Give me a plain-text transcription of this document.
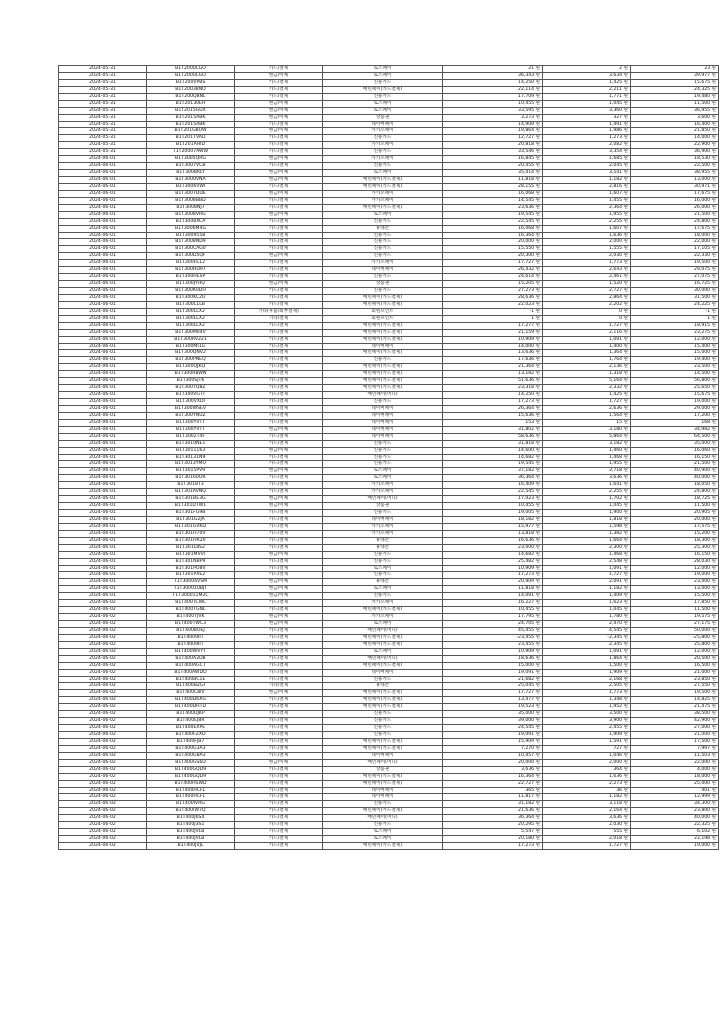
2024-05-31	B1T200ULGO	카드/결제	토스페이	21 원	2 원	23 원
2024-05-31	B1T200ULGO	현금/이체	토스페이	36,343 원	3,634 원	39,977 원
2024-05-31	B1T200VPBS	카드/결제	신용카드	14,250 원	1,425 원	15,675 원
2024-05-31	B1T20038NO	카드/결제	배민페이(카드결제)	22,114 원	2,211 원	24,325 원
2024-05-31	B1T200Q8NL	카드/결제	신용카드	17,709 원	1,771 원	19,480 원
2024-05-31	B1T20130EH	현금/이체	토스페이	10,455 원	1,045 원	11,500 원
2024-05-31	B1T2015GUX	현금/이체	토스페이	33,595 원	3,360 원	36,955 원
2024-05-31	B1T2015ABK	현금/이체	상품권	3,273 원	327 원	3,600 원
2024-05-31	B1T2015ABK	카드/결제	네이버페이	14,909 원	1,491 원	16,400 원
2024-05-31	B1T201G8UW	현금/이체	카카오페이	19,864 원	1,986 원	21,850 원
2024-05-31	B1T201TVAD	카드/결제	신용카드	12,727 원	1,273 원	14,000 원
2024-05-31	B1T201AHID	카드/결제	카카오페이	20,818 원	2,082 원	22,900 원
2024-05-31	T1T20007AWW	카드/결제	신용카드	33,546 원	3,354 원	36,900 원
2024-06-01	B1T3005QRG	현금/이체	카카오페이	16,845 원	1,685 원	18,530 원
2024-06-01	B1T3007VCB	카드/결제	신용카드	20,455 원	2,045 원	22,500 원
2024-06-01	B1T3008RLY	현금/이체	토스페이	35,414 원	3,541 원	38,955 원
2024-06-01	B1T3000VNA	현금/이체	배민페이(카드결제)	11,818 원	1,182 원	13,000 원
2024-06-01	B1T3006VWI	카드/결제	배민페이(카드결제)	28,155 원	2,816 원	30,971 원
2024-06-01	B1T3007DDE	현금/이체	카카오페이	16,068 원	1,607 원	17,675 원
2024-06-01	B1T3008BBD	카드/결제	카카오페이	14,545 원	1,455 원	16,000 원
2024-06-01	B1T3008NJ7	카드/결제	배민페이(카드결제)	23,636 원	2,364 원	26,000 원
2024-06-01	B1T3008VRG	현금/이체	토스페이	19,545 원	1,955 원	21,500 원
2024-06-01	B1T3008XCA	카드/결제	신용카드	22,545 원	2,255 원	24,800 원
2024-06-01	B1T3006M4G	카드/결제	휴대폰	16,068 원	1,607 원	17,675 원
2024-06-01	B1T3009558	카드/결제	신용카드	16,364 원	1,636 원	18,000 원
2024-06-01	B1T3008ND9	카드/결제	신용카드	20,000 원	2,000 원	22,000 원
2024-06-01	B1T300CAG0	카드/결제	신용카드	15,550 원	1,555 원	17,105 원
2024-06-01	B1T300D5QF	현금/이체	신용카드	20,300 원	2,030 원	22,330 원
2024-06-01	B1T300FE12	카드/결제	카카오페이	17,727 원	1,773 원	19,500 원
2024-06-01	B1T300HD97	카드/결제	네이버페이	26,432 원	2,643 원	29,075 원
2024-06-01	B1T300HESP	카드/결제	신용카드	24,614 원	2,461 원	27,075 원
2024-06-01	B1T300JYHQ	현금/이체	상품권	15,205 원	1,520 원	16,725 원
2024-06-01	B1T300K0DH	카드/결제	신용카드	27,273 원	2,727 원	30,000 원
2024-06-01	B1T300KC2U	카드/결제	배민페이(카드결제)	28,636 원	2,864 원	31,500 원
2024-06-01	B1T300L1LB	카드/결제	배민페이(카드결제)	22,023 원	2,202 원	24,225 원
2024-06-01	B1T300LLX2	기타(후불/외부결제)	회원포인트	-1 원	0 원	-1 원
2024-06-01	B1T300LLX2	기타/결제	회원포인트	1 원	0 원	1 원
2024-06-01	B1T300LLX2	카드/결제	배민페이(카드결제)	17,277 원	1,727 원	18,915 원
2024-06-01	B1T300M04V	카드/결제	배민페이(카드결제)	21,159 원	2,116 원	23,275 원
2024-06-01	B1T300RV221	카드/결제	배민페이(카드결제)	10,909 원	1,091 원	12,000 원
2024-06-01	B1T300MI1G	카드/결제	네이버페이	14,000 원	1,400 원	15,400 원
2024-06-01	B1T300QNV2	카드/결제	배민페이(카드결제)	13,636 원	1,364 원	15,000 원
2024-06-01	B1T300PNEQ	카드/결제	신용카드	17,636 원	1,764 원	19,400 원
2024-06-01	B1T300QJKQ	카드/결제	배민페이(카드결제)	21,364 원	2,136 원	23,500 원
2024-06-01	B1T300R8WN	카드/결제	배민페이(카드결제)	13,182 원	1,318 원	14,500 원
2024-06-01	B1T300SJTK	카드/결제	배민페이(카드결제)	51,636 원	5,164 원	56,800 원
2024-06-01	B1T300TQ8Z	카드/결제	배민페이(카드결제)	23,318 원	2,332 원	25,650 원
2024-06-01	B1T300VGTT	카드/결제	배민페이(머니)	14,250 원	1,425 원	15,675 원
2024-06-01	B1T300VXDI	카드/결제	신용카드	17,273 원	1,727 원	19,000 원
2024-06-01	B1T300WSEV	카드/결제	네이버페이	26,364 원	2,636 원	29,000 원
2024-06-01	B1T300YNUZ	카드/결제	네이버페이	15,636 원	1,564 원	17,200 원
2024-06-01	B1T300YVTT	카드/결제	네이버페이	153 원	15 원	168 원
2024-06-01	B1T300YVTT	현금/이체	네이버페이	31,802 원	3,180 원	34,982 원
2024-06-01	B1T3002T4F	카드/결제	네이버페이	58,636 원	5,864 원	64,500 원
2024-06-01	B1T3010NE1	카드/결제	신용카드	31,818 원	3,182 원	35,000 원
2024-06-01	B1T3011163	현금/이체	신용카드	14,600 원	1,460 원	16,060 원
2024-06-01	B1T30131N9	카드/결제	신용카드	14,682 원	1,468 원	16,150 원
2024-06-01	B1T3013YMU	카드/결제	신용카드	19,545 원	1,955 원	21,500 원
2024-06-01	B1T3015PV9	현금/이체	토스페이	37,182 원	3,718 원	40,900 원
2024-06-01	B1T30160OR	카드/결제	토스페이	36,364 원	3,636 원	40,000 원
2024-06-01	B1T3018T3	카드/결제	카카오페이	16,409 원	1,641 원	18,050 원
2024-06-01	B1T301AVNQ	카드/결제	카카오페이	22,545 원	2,255 원	24,800 원
2024-06-01	B1T301BE3G	현금/이체	배민페이(머니)	17,023 원	1,702 원	18,725 원
2024-06-01	B1T301DTW1	현금/이체	상품권	10,455 원	1,045 원	11,500 원
2024-06-01	B1T301FG9B	카드/결제	신용카드	19,005 원	1,900 원	20,905 원
2024-06-01	B1T301G2JA	카드/결제	네이버페이	18,182 원	1,818 원	20,000 원
2024-06-01	B1T301GVKD	카드/결제	카카오페이	15,977 원	1,598 원	17,575 원
2024-06-01	B1T301H70V	카드/결제	카카오페이	13,818 원	1,382 원	15,200 원
2024-06-01	B1T301HR20	카드/결제	휴대폰	16,636 원	1,664 원	18,300 원
2024-06-01	B1T301L8S2	카드/결제	휴대폰	23,000 원	2,300 원	25,300 원
2024-06-01	B1T301MVVI	현금/이체	신용카드	14,682 원	1,468 원	16,150 원
2024-06-01	B1T301NBP9	카드/결제	신용카드	25,482 원	2,548 원	28,030 원
2024-06-01	B1T301PO8V	카드/결제	토스페이	10,909 원	1,091 원	12,000 원
2024-06-01	B1T301PXE2	카드/결제	신용카드	17,273 원	1,727 원	19,000 원
2024-06-01	T1T30004VSM	현금/이체	휴대폰	20,909 원	2,091 원	23,000 원
2024-06-01	T1T300010BJT	현금/이체	토스페이	11,818 원	1,182 원	13,000 원
2024-06-01	T1T300011M2C	현금/이체	신용카드	14,091 원	1,409 원	15,500 원
2024-06-02	B1T400TCWL	카드/결제	카카오페이	16,227 원	1,623 원	17,850 원
2024-06-02	B1T400TGNL	카드/결제	배민페이(카드결제)	10,455 원	1,045 원	11,500 원
2024-06-02	B1T400TJVK	현금/이체	카카오페이	17,795 원	1,780 원	19,575 원
2024-06-02	B1T400TWC3	현금/이체	토스페이	24,705 원	2,470 원	27,175 원
2024-06-02	B1T4008OEJ	카드/결제	배민페이(머니)	45,455 원	4,545 원	50,000 원
2024-06-02	B1T4009IIT	카드/결제	배민페이(카드결제)	-23,455 원	-2,345 원	-25,800 원
2024-06-02	B1T4009IIT	카드/결제	배민페이(카드결제)	23,455 원	2,345 원	25,800 원
2024-06-02	B1T400WVYT	카드/결제	토스페이	10,909 원	1,091 원	12,000 원
2024-06-02	B1T400A2D8	카드/결제	배민페이(머니)	18,636 원	1,864 원	20,500 원
2024-06-02	B1T400AGCT	카드/결제	배민페이(카드결제)	15,000 원	1,500 원	16,500 원
2024-06-02	B1T400AWDO	카드/결제	네이버페이	19,091 원	1,909 원	21,000 원
2024-06-02	B1T400BC1E	카드/결제	신용카드	21,682 원	2,168 원	23,850 원
2024-06-02	B1T400BZGI	기타/결제	휴대폰	25,045 원	2,505 원	27,550 원
2024-06-02	B1T400C8IV	현금/이체	배민페이(카드결제)	17,727 원	1,773 원	19,500 원
2024-06-02	B1T400D6XG	카드/결제	배민페이(카드결제)	13,477 원	1,348 원	14,825 원
2024-06-02	B1T400DHTD	카드/결제	배민페이(카드결제)	19,523 원	1,952 원	21,475 원
2024-06-02	B1T400DJKP	카드/결제	신용카드	35,000 원	3,500 원	38,500 원
2024-06-02	B1T400EJ8R	카드/결제	신용카드	39,000 원	3,900 원	42,900 원
2024-06-02	B1T400EXPE	카드/결제	신용카드	24,545 원	2,455 원	27,000 원
2024-06-02	B1T400FZXD	카드/결제	신용카드	19,091 원	1,909 원	21,000 원
2024-06-02	B1T400FJB7	카드/결제	배민페이(카드결제)	15,909 원	1,591 원	17,500 원
2024-06-02	B1T400G3A3	카드/결제	배민페이(카드결제)	7,270 원	727 원	7,997 원
2024-06-02	B1T400G8A3	카드/결제	네이버페이	10,457 원	1,046 원	11,503 원
2024-06-02	B1T400GS6D	현금/이체	배민페이(머니)	20,000 원	2,000 원	22,000 원
2024-06-02	B1T400GQD9	카드/결제	상품권	3,636 원	364 원	4,000 원
2024-06-02	B1T400GQD9	카드/결제	배민페이(카드결제)	16,364 원	1,636 원	18,000 원
2024-06-02	B1T400HSWD	카드/결제	배민페이(카드결제)	22,727 원	2,273 원	25,000 원
2024-06-02	B1T400HCFL	카드/결제	네이버페이	365 원	36 원	401 원
2024-06-02	B1T400HCFL	카드/결제	네이버페이	11,817 원	1,182 원	12,999 원
2024-06-02	B1T400IVRG	카드/결제	신용카드	31,182 원	3,118 원	34,300 원
2024-06-02	B1T400IW7Q	카드/결제	배민페이(카드결제)	21,636 원	2,164 원	23,800 원
2024-06-02	B1T400J6S4	카드/결제	배민페이(머니)	36,364 원	3,636 원	40,000 원
2024-06-02	B1T400J3S1	카드/결제	신용카드	20,295 원	2,030 원	22,325 원
2024-06-02	B1T400JVLB	카드/결제	토스페이	5,547 원	555 원	6,102 원
2024-06-02	B1T400JVLB	카드/결제	토스페이	20,180 원	2,018 원	22,198 원
2024-06-02	B1T400JVJL	카드/결제	배민페이(카드결제)	17,273 원	1,727 원	19,000 원
